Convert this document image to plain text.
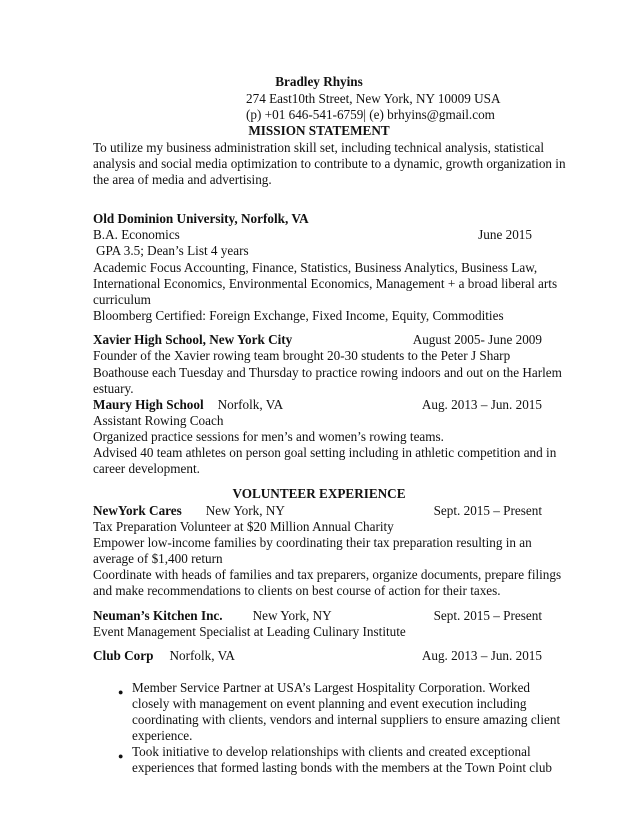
Bradley Rhyins
274 East10th Street, New York, NY 10009 USA
(p) +01 646-541-6759| (e) brhyins@gmail.com
MISSION STATEMENT
To utilize my business administration skill set, including technical analysis, statistical
analysis and social media optimization to contribute to a dynamic, growth organization in
the area of media and advertising.
Old Dominion University, Norfolk, VA
B.A. Economics	June 2015
GPA 3.5; Dean’s List 4 years
Academic Focus Accounting, Finance, Statistics, Business Analytics, Business Law,
International Economics, Environmental Economics, Management + a broad liberal arts
curriculum
Bloomberg Certified: Foreign Exchange, Fixed Income, Equity, Commodities
Xavier High School, New York City	August 2005- June 2009
Founder of the Xavier rowing team brought 20-30 students to the Peter J Sharp
Boathouse each Tuesday and Thursday to practice rowing indoors and out on the Harlem
estuary.
Maury High School Norfolk, VA	Aug. 2013 – Jun. 2015
Assistant Rowing Coach
Organized practice sessions for men’s and women’s rowing teams.
Advised 40 team athletes on person goal setting including in athletic competition and in
career development.
VOLUNTEER EXPERIENCE
NewYork Cares New York, NY	Sept. 2015 – Present
Tax Preparation Volunteer at $20 Million Annual Charity
Empower low-income families by coordinating their tax preparation resulting in an
average of $1,400 return
Coordinate with heads of families and tax preparers, organize documents, prepare filings
and make recommendations to clients on best course of action for their taxes.
Neuman’s Kitchen Inc. New York, NY	Sept. 2015 – Present
Event Management Specialist at Leading Culinary Institute
Club Corp Norfolk, VA	Aug. 2013 – Jun. 2015
● Member Service Partner at USA’s Largest Hospitality Corporation. Worked
closely with management on event planning and event execution including
coordinating with clients, vendors and internal suppliers to ensure amazing client
experience.
● Took initiative to develop relationships with clients and created exceptional
experiences that formed lasting bonds with the members at the Town Point club
